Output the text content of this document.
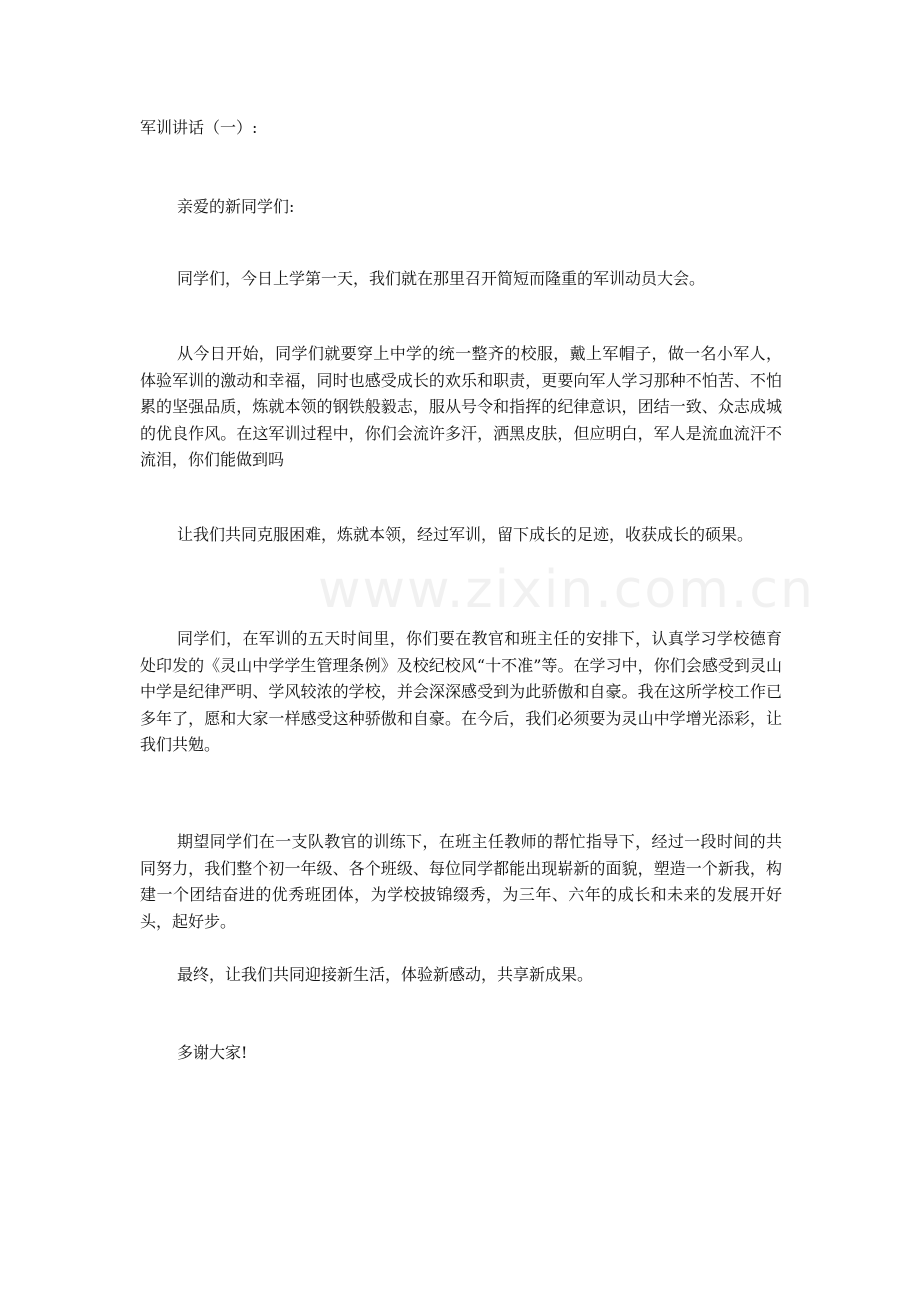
军训讲话（一）:
亲爱的新同学们:
同学们，今日上学第一天，我们就在那里召开简短而隆重的军训动员大会。
从今日开始，同学们就要穿上中学的统一整齐的校服，戴上军帽子，做一名小军人，体验军训的激动和幸福，同时也感受成长的欢乐和职责，更要向军人学习那种不怕苦、不怕累的坚强品质，炼就本领的钢铁般毅志，服从号令和指挥的纪律意识，团结一致、众志成城的优良作风。在这军训过程中，你们会流许多汗，洒黑皮肤，但应明白，军人是流血流汗不流泪，你们能做到吗
让我们共同克服困难，炼就本领，经过军训，留下成长的足迹，收获成长的硕果。
同学们，在军训的五天时间里，你们要在教官和班主任的安排下，认真学习学校德育处印发的《灵山中学学生管理条例》及校纪校风“十不准”等。在学习中，你们会感受到灵山中学是纪律严明、学风较浓的学校，并会深深感受到为此骄傲和自豪。我在这所学校工作已多年了，愿和大家一样感受这种骄傲和自豪。在今后，我们必须要为灵山中学增光添彩，让我们共勉。
期望同学们在一支队教官的训练下，在班主任教师的帮忙指导下，经过一段时间的共同努力，我们整个初一年级、各个班级、每位同学都能出现崭新的面貌，塑造一个新我，构建一个团结奋进的优秀班团体，为学校披锦缀秀，为三年、六年的成长和未来的发展开好头，起好步。
最终，让我们共同迎接新生活，体验新感动，共享新成果。
多谢大家!
www.zixin.com.cn
